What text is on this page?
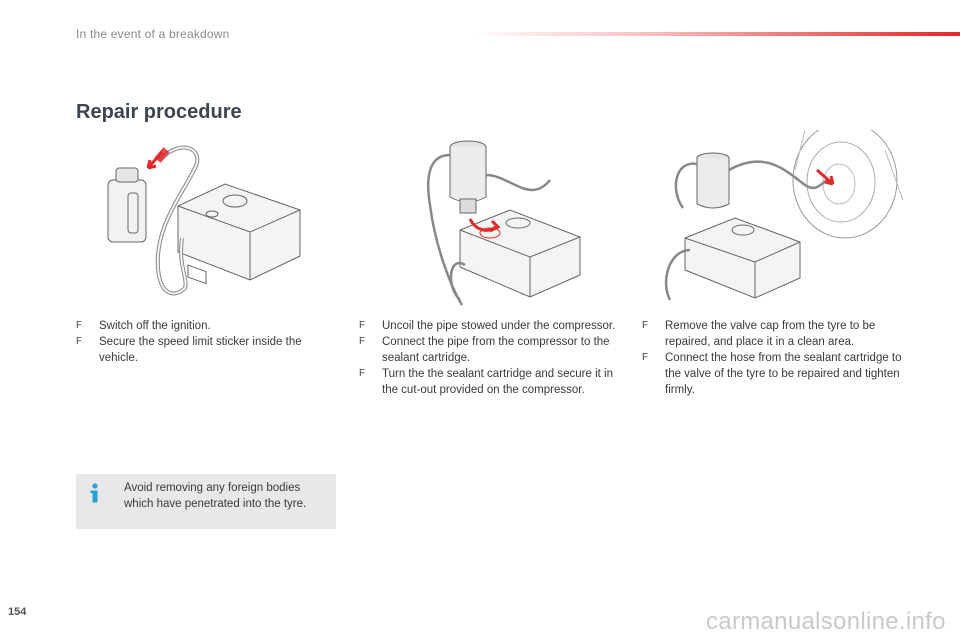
In the event of a breakdown
Repair procedure
F Switch off the ignition.
F Secure the speed limit sticker inside the vehicle.
F Uncoil the pipe stowed under the compressor.
F Connect the pipe from the compressor to the sealant cartridge.
F Turn the the sealant cartridge and secure it in the cut-out provided on the compressor.
F Remove the valve cap from the tyre to be repaired, and place it in a clean area.
F Connect the hose from the sealant cartridge to the valve of the tyre to be repaired and tighten firmly.
Avoid removing any foreign bodies which have penetrated into the tyre.
154	carmanualsonline.info
